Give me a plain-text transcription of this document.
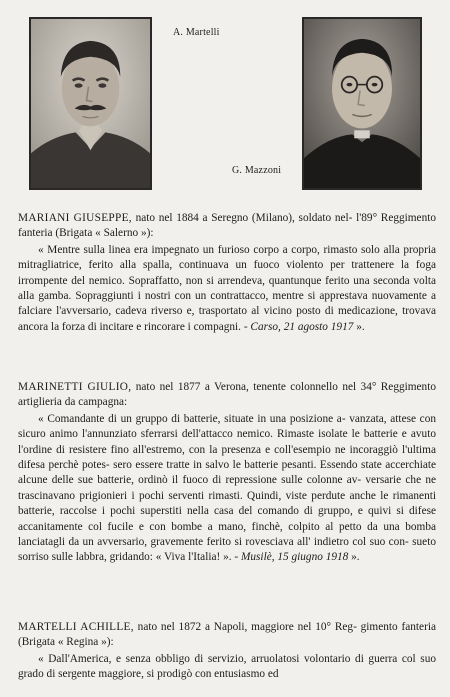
A. Martelli
G. Mazzoni
MARIANI GIUSEPPE, nato nel 1884 a Seregno (Milano), soldato nel- l'89° Reggimento fanteria (Brigata « Salerno »):
« Mentre sulla linea era impegnato un furioso corpo a corpo, rimasto solo alla propria mitragliatrice, ferito alla spalla, continuava un fuoco violento per trattenere la foga irrompente del nemico. Sopraffatto, non si arrendeva, quantunque ferito una seconda volta alla gamba. Sopraggiunti i nostri con un contrattacco, mentre si apprestava nuovamente a falciare l'avversario, cadeva riverso e, trasportato al vicino posto di medicazione, trovava ancora la forza di incitare e rincorare i compagni. - Carso, 21 agosto 1917 ».
MARINETTI GIULIO, nato nel 1877 a Verona, tenente colonnello nel 34° Reggimento artiglieria da campagna:
« Comandante di un gruppo di batterie, situate in una posizione a- vanzata, attese con sicuro animo l'annunziato sferrarsi dell'attacco nemico. Rimaste isolate le batterie e avuto l'ordine di resistere fino all'estremo, con la presenza e coll'esempio ne incoraggiò l'ultima difesa perchè potes- sero essere tratte in salvo le batterie pesanti. Essendo state accerchiate alcune delle sue batterie, ordinò il fuoco di repressione sulle colonne av- versarie che ne trascinavano prigionieri i pochi serventi rimasti. Quindi, viste perdute anche le rimanenti batterie, raccolse i pochi superstiti nella casa del comando di gruppo, e quivi si difese accanitamente col fucile e con bombe a mano, finchè, colpito al petto da una bomba lanciatagli da un avversario, gravemente ferito si rovesciava all' indietro col suo con- sueto sorriso sulle labbra, gridando: « Viva l'Italia! ». - Musilè, 15 giugno 1918 ».
MARTELLI ACHILLE, nato nel 1872 a Napoli, maggiore nel 10° Reg- gimento fanteria (Brigata « Regina »):
« Dall'America, e senza obbligo di servizio, arruolatosi volontario di guerra col suo grado di sergente maggiore, si prodigò con entusiasmo ed
